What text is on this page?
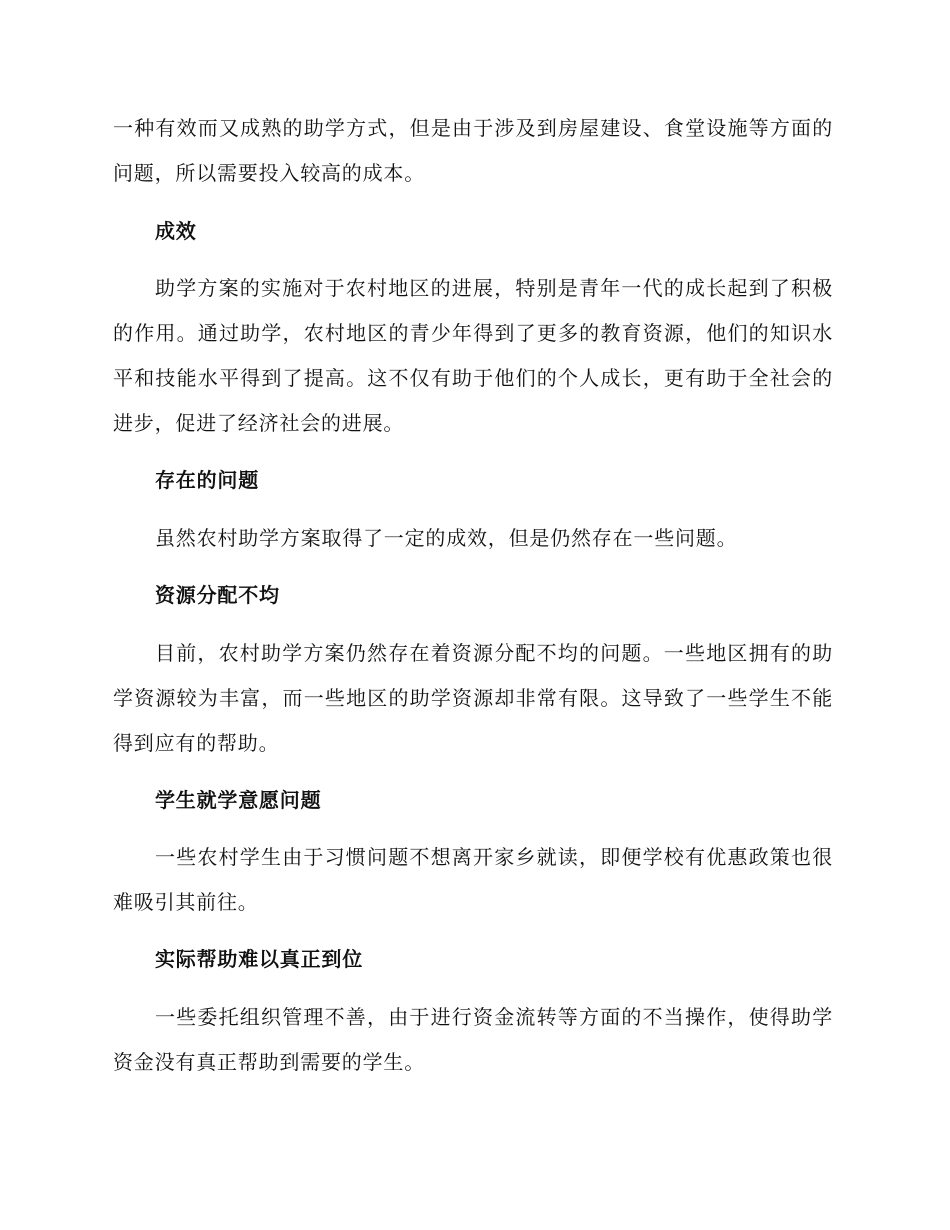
一种有效而又成熟的助学方式，但是由于涉及到房屋建设、食堂设施等方面的问题，所以需要投入较高的成本。

成效

助学方案的实施对于农村地区的进展，特别是青年一代的成长起到了积极的作用。通过助学，农村地区的青少年得到了更多的教育资源，他们的知识水平和技能水平得到了提高。这不仅有助于他们的个人成长，更有助于全社会的进步，促进了经济社会的进展。

存在的问题

虽然农村助学方案取得了一定的成效，但是仍然存在一些问题。

资源分配不均

目前，农村助学方案仍然存在着资源分配不均的问题。一些地区拥有的助学资源较为丰富，而一些地区的助学资源却非常有限。这导致了一些学生不能得到应有的帮助。

学生就学意愿问题

一些农村学生由于习惯问题不想离开家乡就读，即便学校有优惠政策也很难吸引其前往。

实际帮助难以真正到位

一些委托组织管理不善，由于进行资金流转等方面的不当操作，使得助学资金没有真正帮助到需要的学生。
